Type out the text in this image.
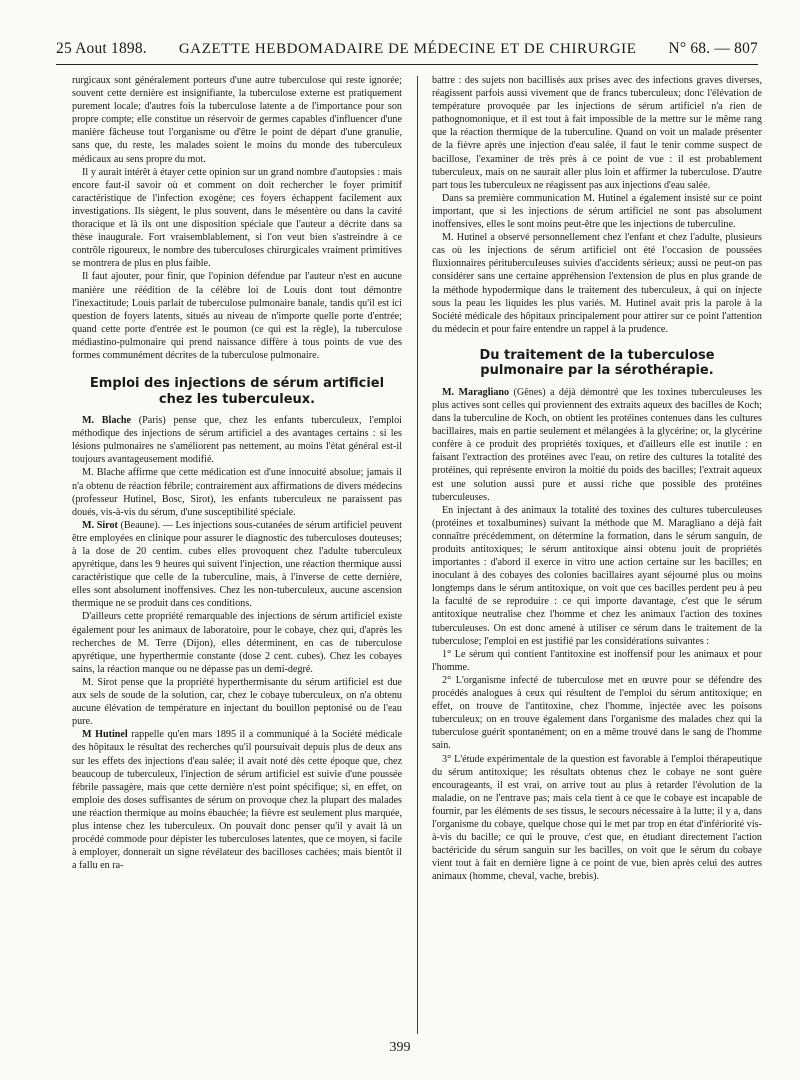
25 Aout 1898. GAZETTE HEBDOMADAIRE DE MÉDECINE ET DE CHIRURGIE N° 68. — 807

rurgicaux sont généralement porteurs d'une autre tuberculose qui reste ignorée; souvent cette dernière est insignifiante, la tuberculose externe est pratiquement purement locale; d'autres fois la tuberculose latente a de l'importance pour son propre compte; elle constitue un réservoir de germes capables d'influencer d'une manière fâcheuse tout l'organisme ou d'être le point de départ d'une granulie, sans que, du reste, les malades soient le moins du monde des tuberculeux médicaux au sens propre du mot.

Il y aurait intérêt à étayer cette opinion sur un grand nombre d'autopsies : mais encore faut-il savoir où et comment on doit rechercher le foyer primitif caractéristique de l'infection exogène; ces foyers échappent facilement aux investigations. Ils siègent, le plus souvent, dans le mésentère ou dans la cavité thoracique et là ils ont une disposition spéciale que l'auteur a décrite dans sa thèse inaugurale. Fort vraisemblablement, si l'on veut bien s'astreindre à ce contrôle rigoureux, le nombre des tuberculoses chirurgicales vraiment primitives se montrera de plus en plus faible.

Il faut ajouter, pour finir, que l'opinion défendue par l'auteur n'est en aucune manière une réédition de la célèbre loi de Louis dont tout démontre l'inexactitude; Louis parlait de tuberculose pulmonaire banale, tandis qu'il est ici question de foyers latents, situés au niveau de n'importe quelle porte d'entrée; quand cette porte d'entrée est le poumon (ce qui est la règle), la tuberculose médiastino-pulmonaire qui prend naissance diffère à tous points de vue des formes communément décrites de la tuberculose pulmonaire.

Emploi des injections de sérum artificiel chez les tuberculeux.

M. Blache (Paris) pense que, chez les enfants tuberculeux, l'emploi méthodique des injections de sérum artificiel a des avantages certains : si les lésions pulmonaires ne s'améliorent pas nettement, au moins l'état général est-il toujours avantageusement modifié.

M. Blache affirme que cette médication est d'une innocuité absolue; jamais il n'a obtenu de réaction fébrile; contrairement aux affirmations de divers médecins (professeur Hutinel, Bosc, Sirot), les enfants tuberculeux ne paraissent pas doués, vis-à-vis du sérum, d'une susceptibilité spéciale.

M. Sirot (Beaune). — Les injections sous-cutanées de sérum artificiel peuvent être employées en clinique pour assurer le diagnostic des tuberculoses douteuses; à la dose de 20 centim. cubes elles provoquent chez l'adulte tuberculeux apyrétique, dans les 9 heures qui suivent l'injection, une réaction thermique aussi caractéristique que celle de la tuberculine, mais, à l'inverse de cette dernière, elles sont absolument inoffensives. Chez les non-tuberculeux, aucune ascension thermique ne se produit dans ces conditions.

D'ailleurs cette propriété remarquable des injections de sérum artificiel existe également pour les animaux de laboratoire, pour le cobaye, chez qui, d'après les recherches de M. Terre (Dijon), elles déterminent, en cas de tuberculose apyrétique, une hyperthermie constante (dose 2 cent. cubes). Chez les cobayes sains, la réaction manque ou ne dépasse pas un demi-degré.

M. Sirot pense que la propriété hyperthermisante du sérum artificiel est due aux sels de soude de la solution, car, chez le cobaye tuberculeux, on n'a obtenu aucune élévation de température en injectant du bouillon peptonisé ou de l'eau pure.

M Hutinel rappelle qu'en mars 1895 il a communiqué à la Société médicale des hôpitaux le résultat des recherches qu'il poursuivait depuis plus de deux ans sur les effets des injections d'eau salée; il avait noté dès cette époque que, chez beaucoup de tuberculeux, l'injection de sérum artificiel est suivie d'une poussée fébrile passagère, mais que cette dernière n'est point spécifique; si, en effet, on emploie des doses suffisantes de sérum on provoque chez la plupart des malades une réaction thermique au moins ébauchée; la fièvre est seulement plus marquée, plus intense chez les tuberculeux. On pouvait donc penser qu'il y avait là un procédé commode pour dépister les tuberculoses latentes, que ce moyen, si facile à employer, donnerait un signe révélateur des bacilloses cachées; mais bientôt il a fallu en ra-

battre : des sujets non bacillisés aux prises avec des infections graves diverses, réagissent parfois aussi vivement que de francs tuberculeux; donc l'élévation de température provoquée par les injections de sérum artificiel n'a rien de pathognomonique, et il est tout à fait impossible de la mettre sur le même rang que la réaction thermique de la tuberculine. Quand on voit un malade présenter de la fièvre après une injection d'eau salée, il faut le tenir comme suspect de bacillose, l'examiner de très près à ce point de vue : il est probablement tuberculeux, mais on ne saurait aller plus loin et affirmer la tuberculose. D'autre part tous les tuberculeux ne réagissent pas aux injections d'eau salée.

Dans sa première communication M. Hutinel a également insisté sur ce point important, que si les injections de sérum artificiel ne sont pas absolument inoffensives, elles le sont moins peut-être que les injections de tuberculine.

M. Hutinel a observé personnellement chez l'enfant et chez l'adulte, plusieurs cas où les injections de sérum artificiel ont été l'occasion de poussées fluxionnaires péritubercuIeuses suivies d'accidents sérieux; aussi ne peut-on pas considérer sans une certaine appréhension l'extension de plus en plus grande de la méthode hypodermique dans le traitement des tuberculeux, à qui on injecte sous la peau les liquides les plus variés. M. Hutinel avait pris la parole à la Société médicale des hôpitaux principalement pour attirer sur ce point l'attention du médecin et pour faire entendre un rappel à la prudence.

Du traitement de la tuberculose pulmonaire par la sérothérapie.

M. Maragliano (Gênes) a déjà démontré que les toxines tuberculeuses les plus actives sont celles qui proviennent des extraits aqueux des bacilles de Koch; dans la tuberculine de Koch, on obtient les protéines contenues dans les cultures bacillaires, mais en partie seulement et mélangées à la glycérine; or, la glycérine confère à ce produit des propriétés toxiques, et d'ailleurs elle est inutile : en faisant l'extraction des protéines avec l'eau, on retire des cultures la totalité des protéines, qui représente environ la moitié du poids des bacilles; l'extrait aqueux est une solution aussi pure et aussi riche que possible des protéines tuberculeuses.

En injectant à des animaux la totalité des toxines des cultures tuberculeuses (protéines et toxalbumines) suivant la méthode que M. Maragliano a déjà fait connaître précédemment, on détermine la formation, dans le sérum sanguin, de produits antitoxiques; le sérum antitoxique ainsi obtenu jouit de propriétés importantes : d'abord il exerce in vitro une action certaine sur les bacilles; en inoculant à des cobayes des colonies bacillaires ayant séjourné plus ou moins longtemps dans le sérum antitoxique, on voit que ces bacilles perdent peu à peu la faculté de se reproduire : ce qui importe davantage, c'est que le sérum antitoxique neutralise chez l'homme et chez les animaux l'action des toxines tuberculeuses. On est donc amené à utiliser ce sérum dans le traitement de la tuberculose; l'emploi en est justifié par les considérations suivantes :

1° Le sérum qui contient l'antitoxine est inoffensif pour les animaux et pour l'homme.

2° L'organisme infecté de tuberculose met en œuvre pour se défendre des procédés analogues à ceux qui résultent de l'emploi du sérum antitoxique; en effet, on trouve de l'antitoxine, chez l'homme, injectée avec les poisons tuberculeux; on en trouve également dans l'organisme des malades chez qui la tuberculose guérit spontanément; on en a même trouvé dans le sang de l'homme sain.

3° L'étude expérimentale de la question est favorable à l'emploi thérapeutique du sérum antitoxique; les résultats obtenus chez le cobaye ne sont guère encourageants, il est vrai, on arrive tout au plus à retarder l'évolution de la maladie, on ne l'entrave pas; mais cela tient à ce que le cobaye est incapable de fournir, par les éléments de ses tissus, le secours nécessaire à la lutte; il y a, dans l'organisme du cobaye, quelque chose qui le met par trop en état d'infériorité vis-à-vis du bacille; ce qui le prouve, c'est que, en étudiant directement l'action bactéricide du sérum sanguin sur les bacilles, on voit que le sérum du cobaye vient tout à fait en dernière ligne à ce point de vue, bien après celui des autres animaux (homme, cheval, vache, brebis).

399
